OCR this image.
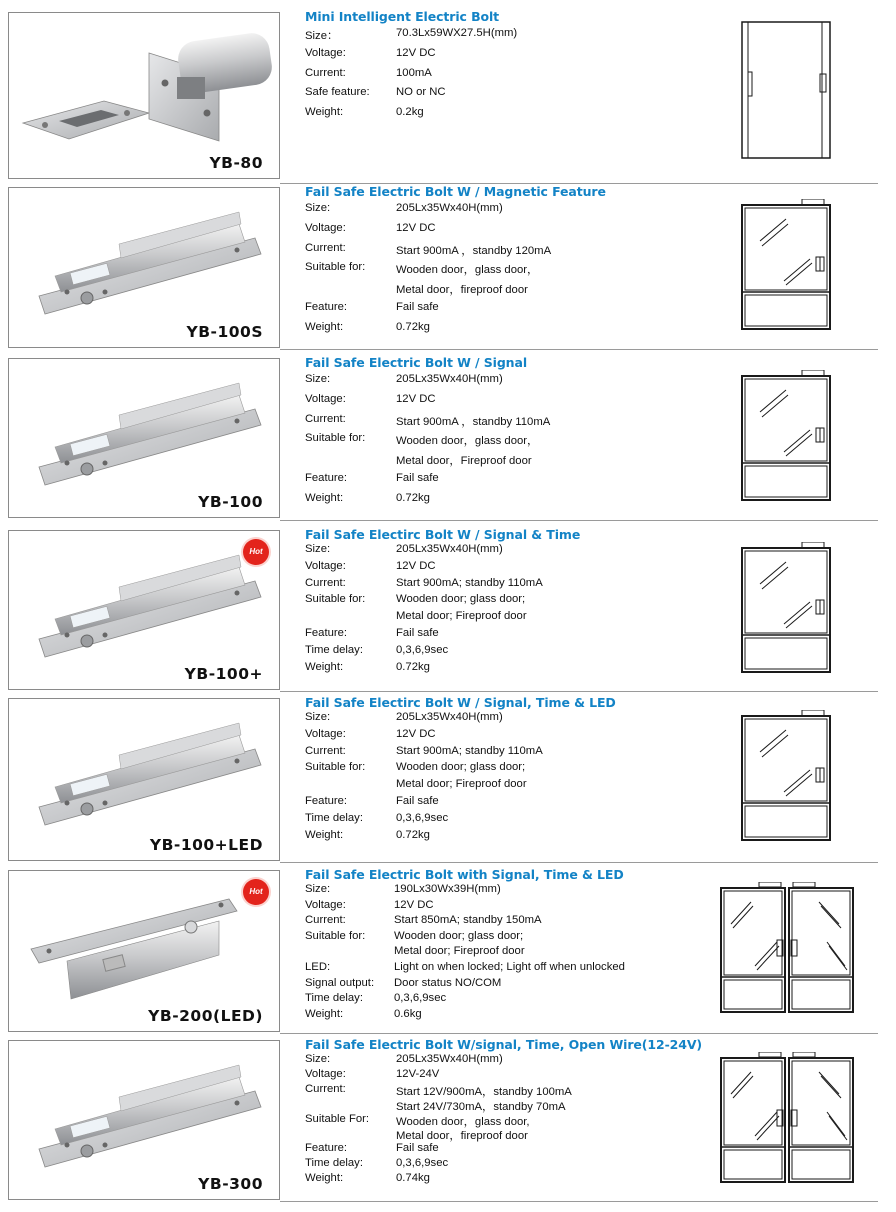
YB-80
Mini Intelligent Electric Bolt
Size：	70.3Lx59WX27.5H(mm)
Voltage:	12V DC
Current:	100mA
Safe feature: NO or NC
Weight:	0.2kg
YB-100S
Fail Safe Electric Bolt W / Magnetic Feature
Size:	205Lx35Wx40H(mm)
Voltage:	12V DC
Current:	Start 900mA ，standby 120mA
Suitable for:	Wooden door，glass door，
Metal door，fireproof door
Feature:	Fail safe
Weight:	0.72kg
YB-100
Fail Safe Electric Bolt W / Signal
Size:	205Lx35Wx40H(mm)
Voltage:	12V DC
Current:	Start 900mA ，standby 110mA
Suitable for:	Wooden door，glass door，
Metal door，Fireproof door
Feature:	Fail safe
Weight:	0.72kg
Hot
YB-100+
Fail Safe Electirc Bolt W / Signal & Time
Size:	205Lx35Wx40H(mm)
Voltage:	12V DC
Current:	Start 900mA; standby 110mA
Suitable for:	Wooden door; glass door;
Metal door; Fireproof door
Feature:	Fail safe
Time delay:	0,3,6,9sec
Weight:	0.72kg
YB-100+LED
Fail Safe Electirc Bolt W / Signal, Time & LED
Size:	205Lx35Wx40H(mm)
Voltage:	12V DC
Current:	Start 900mA; standby 110mA
Suitable for:	Wooden door; glass door;
Metal door; Fireproof door
Feature:	Fail safe
Time delay:	0,3,6,9sec
Weight:	0.72kg
Hot
YB-200(LED)
Fail Safe Electric Bolt with Signal, Time & LED
Size:	190Lx30Wx39H(mm)
Voltage:	12V DC
Current:	Start 850mA; standby 150mA
Suitable for:	Wooden door; glass door;
Metal door; Fireproof door
LED:	Light on when locked; Light off when unlocked
Signal output: Door status NO/COM
Time delay:	0,3,6,9sec
Weight:	0.6kg
YB-300
Fail Safe Electric Bolt W/signal, Time, Open Wire(12-24V)
Size:	205Lx35Wx40H(mm)
Voltage:	12V-24V
Current:	Start 12V/900mA，standby 100mA
Start 24V/730mA，standby 70mA
Suitable For: Wooden door，glass door,
Metal door，fireproof door
Feature:	Fail safe
Time delay:	0,3,6,9sec
Weight:	0.74kg
